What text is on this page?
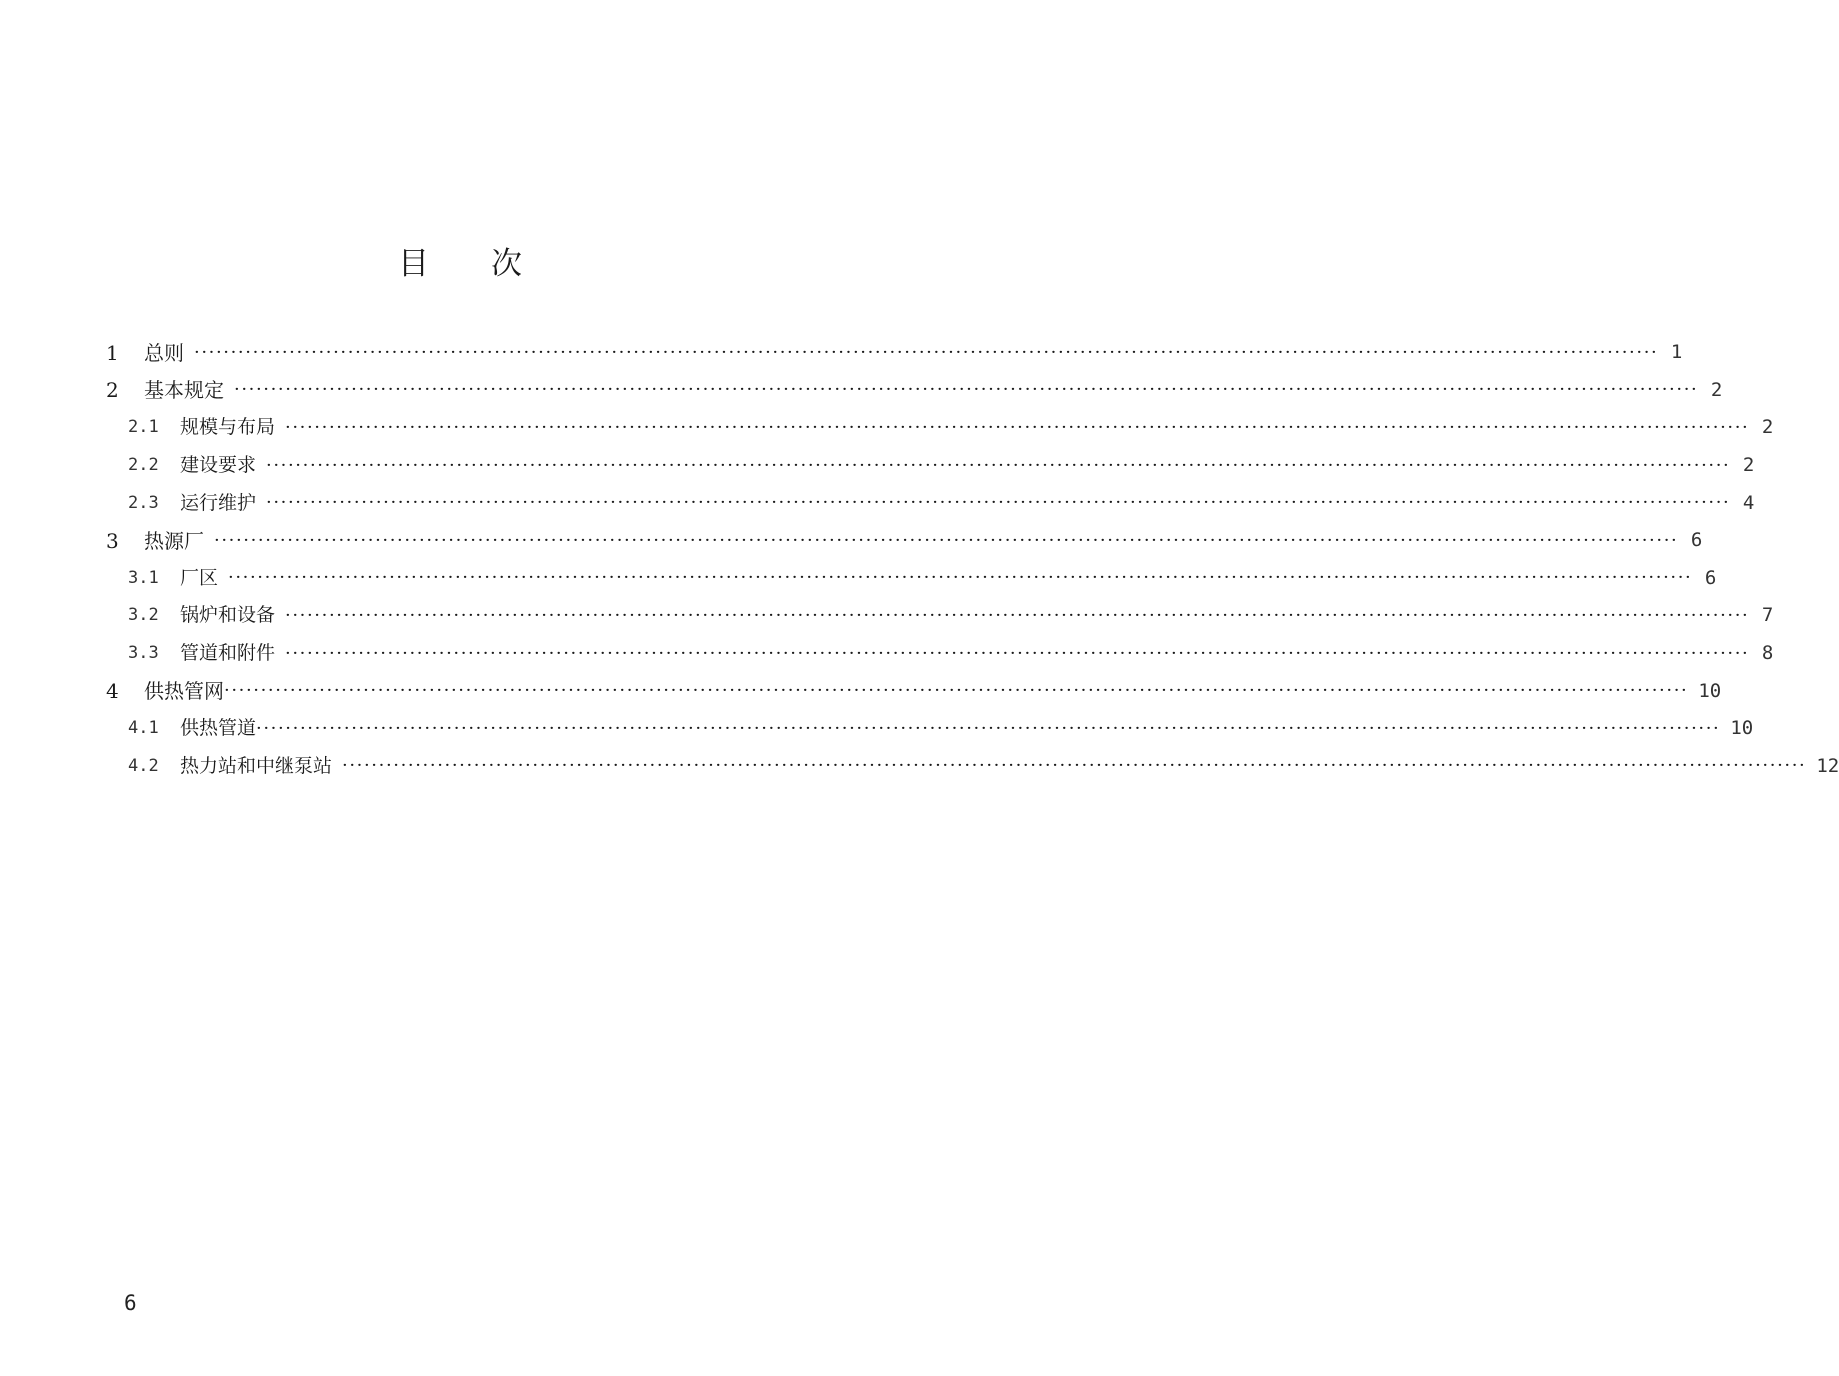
目 次
1	总则 ········································································································································································································ 1
2	基本规定 ········································································································································································································ 2
2.1	规模与布局 ········································································································································································································ 2
2.2	建设要求 ········································································································································································································ 2
2.3	运行维护 ········································································································································································································ 4
3	热源厂 ········································································································································································································ 6
3.1	厂区 ········································································································································································································ 6
3.2	锅炉和设备 ········································································································································································································ 7
3.3	管道和附件 ········································································································································································································ 8
4	供热管网 ········································································································································································································ 10
4.1	供热管道 ········································································································································································································ 10
4.2	热力站和中继泵站 ········································································································································································································ 12
6
